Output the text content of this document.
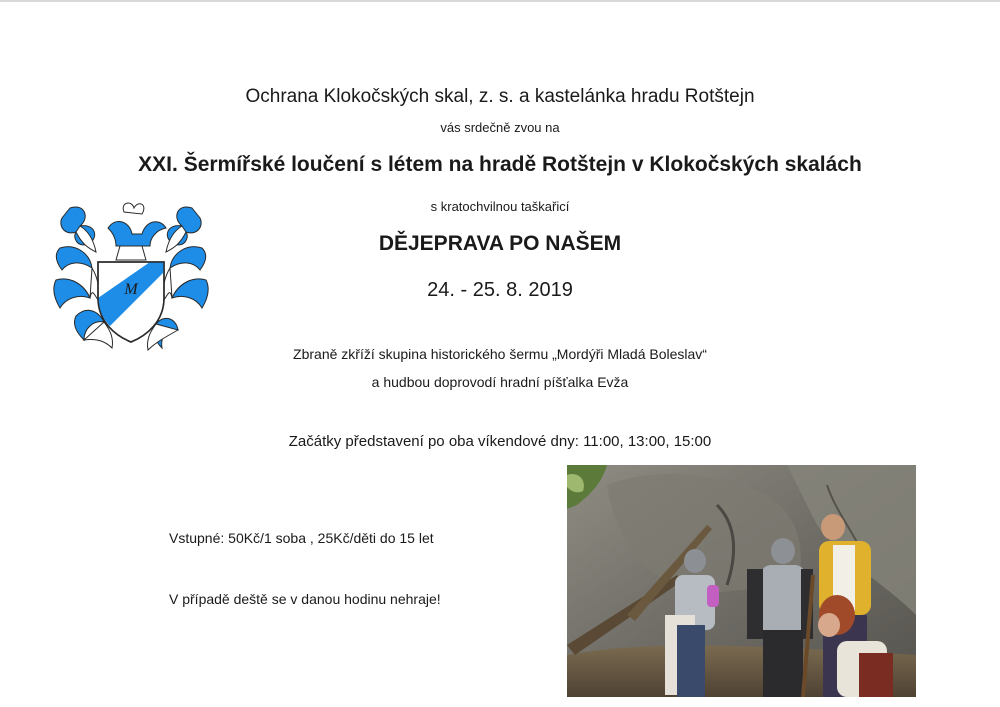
Ochrana Klokočských skal, z. s. a kastelánka hradu Rotštejn
vás srdečně zvou na
XXI. Šermířské loučení s létem na hradě Rotštejn v Klokočských skalách
s kratochvilnou taškařicí
DĚJEPRAVA PO NAŠEM
24. - 25. 8. 2019
Zbraně zkříží skupina historického šermu „Mordýři Mladá Boleslav“
a hudbou doprovodí hradní píšťalka Evža
Začátky představení po oba víkendové dny: 11:00, 13:00, 15:00
Vstupné: 50Kč/1 soba , 25Kč/děti do 15 let
V případě deště se v danou hodinu nehraje!
M
